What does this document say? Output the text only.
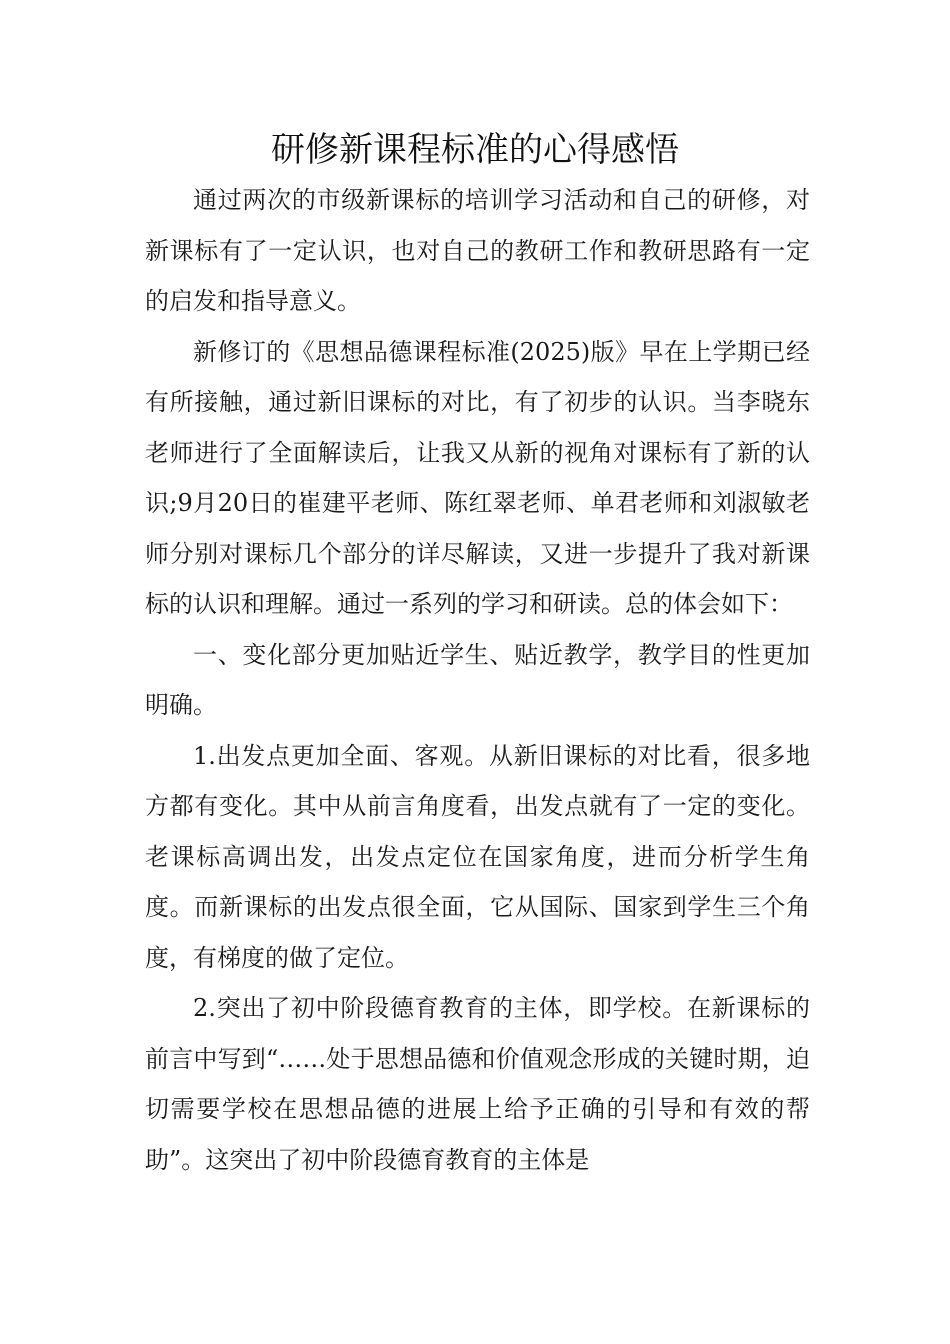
研修新课程标准的心得感悟

通过两次的市级新课标的培训学习活动和自己的研修，对新课标有了一定认识，也对自己的教研工作和教研思路有一定的启发和指导意义。

新修订的《思想品德课程标准(2025)版》早在上学期已经有所接触，通过新旧课标的对比，有了初步的认识。当李晓东老师进行了全面解读后，让我又从新的视角对课标有了新的认识;9月20日的崔建平老师、陈红翠老师、单君老师和刘淑敏老师分别对课标几个部分的详尽解读，又进一步提升了我对新课标的认识和理解。通过一系列的学习和研读。总的体会如下：

一、变化部分更加贴近学生、贴近教学，教学目的性更加明确。

1.出发点更加全面、客观。从新旧课标的对比看，很多地方都有变化。其中从前言角度看，出发点就有了一定的变化。老课标高调出发，出发点定位在国家角度，进而分析学生角度。而新课标的出发点很全面，它从国际、国家到学生三个角度，有梯度的做了定位。

2.突出了初中阶段德育教育的主体，即学校。在新课标的前言中写到“……处于思想品德和价值观念形成的关键时期，迫切需要学校在思想品德的进展上给予正确的引导和有效的帮助”。这突出了初中阶段德育教育的主体是
